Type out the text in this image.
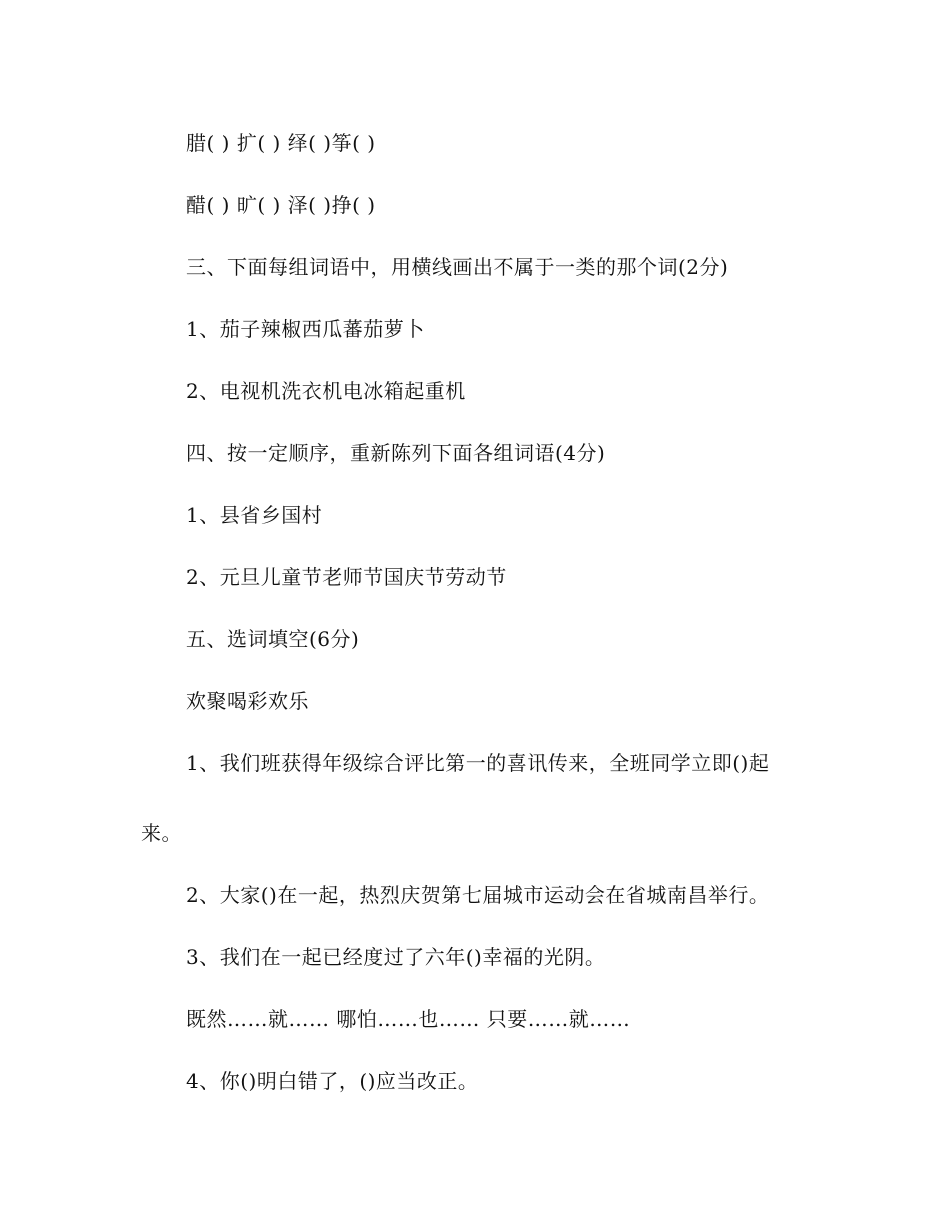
腊( ) 扩( ) 绎( )筝( )
醋( ) 旷( ) 泽( )挣( )
三、下面每组词语中，用横线画出不属于一类的那个词(2分)
1、茄子辣椒西瓜蕃茄萝卜
2、电视机洗衣机电冰箱起重机
四、按一定顺序，重新陈列下面各组词语(4分)
1、县省乡国村
2、元旦儿童节老师节国庆节劳动节
五、选词填空(6分)
欢聚喝彩欢乐
1、我们班获得年级综合评比第一的喜讯传来，全班同学立即()起
来。
2、大家()在一起，热烈庆贺第七届城市运动会在省城南昌举行。
3、我们在一起已经度过了六年()幸福的光阴。
既然……就…… 哪怕……也…… 只要……就……
4、你()明白错了，()应当改正。
